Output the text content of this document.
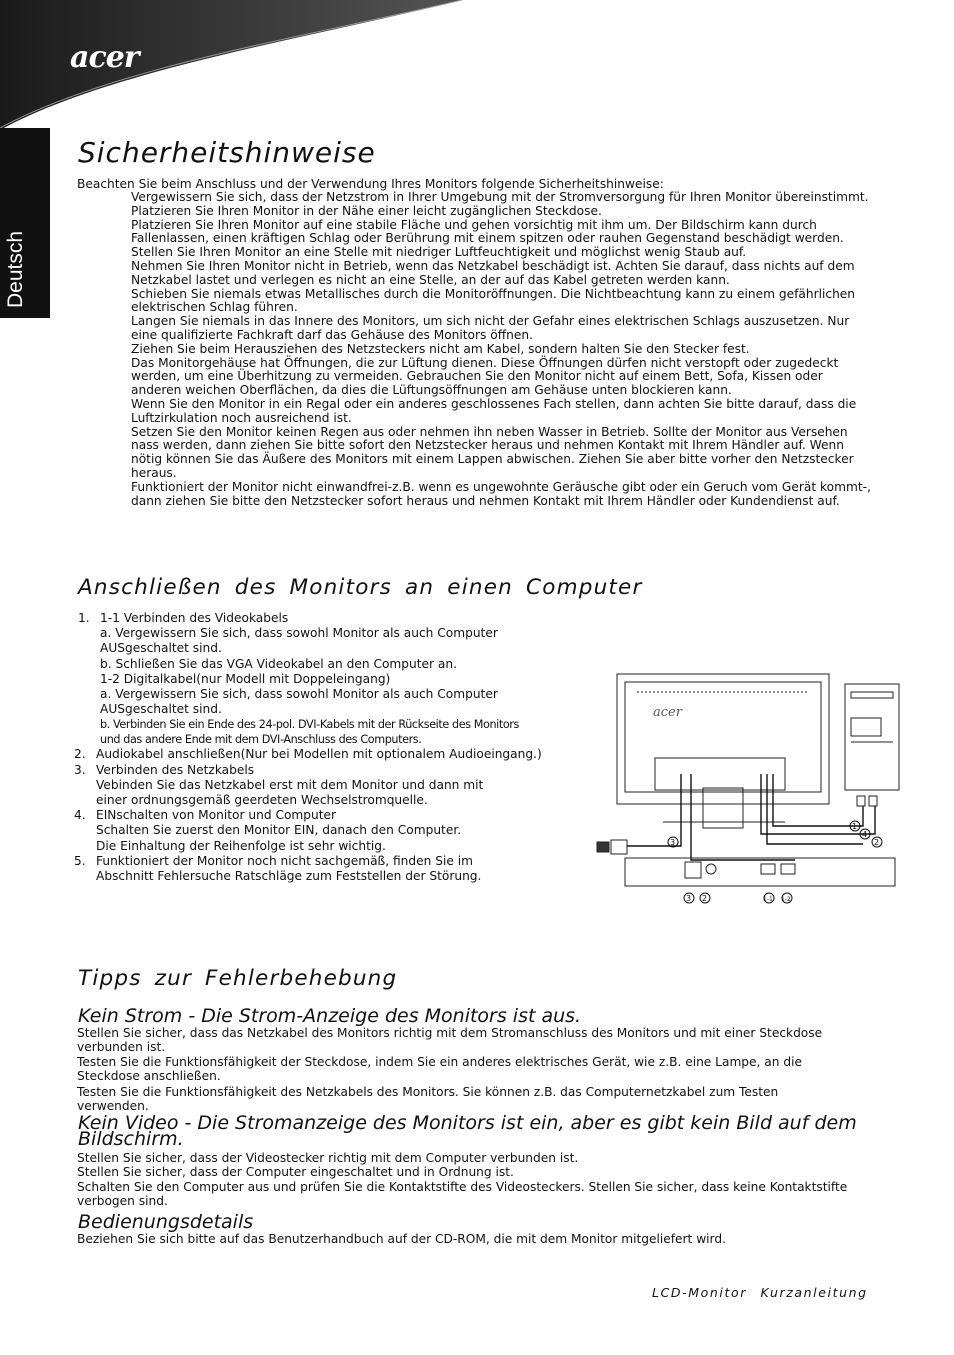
acer
Deutsch
Sicherheitshinweise

Beachten Sie beim Anschluss und der Verwendung Ihres Monitors folgende Sicherheitshinweise:

Vergewissern Sie sich, dass der Netzstrom in Ihrer Umgebung mit der Stromversorgung für Ihren Monitor übereinstimmt.
Platzieren Sie Ihren Monitor in der Nähe einer leicht zugänglichen Steckdose.
Platzieren Sie Ihren Monitor auf eine stabile Fläche und gehen vorsichtig mit ihm um. Der Bildschirm kann durch Fallenlassen, einen kräftigen Schlag oder Berührung mit einem spitzen oder rauhen Gegenstand beschädigt werden.
Stellen Sie Ihren Monitor an eine Stelle mit niedriger Luftfeuchtigkeit und möglichst wenig Staub auf.
Nehmen Sie Ihren Monitor nicht in Betrieb, wenn das Netzkabel beschädigt ist. Achten Sie darauf, dass nichts auf dem Netzkabel lastet und verlegen es nicht an eine Stelle, an der auf das Kabel getreten werden kann.
Schieben Sie niemals etwas Metallisches durch die Monitoröffnungen. Die Nichtbeachtung kann zu einem gefährlichen elektrischen Schlag führen.
Langen Sie niemals in das Innere des Monitors, um sich nicht der Gefahr eines elektrischen Schlags auszusetzen. Nur eine qualifizierte Fachkraft darf das Gehäuse des Monitors öffnen.
Ziehen Sie beim Herausziehen des Netzsteckers nicht am Kabel, sondern halten Sie den Stecker fest.
Das Monitorgehäuse hat Öffnungen, die zur Lüftung dienen. Diese Öffnungen dürfen nicht verstopft oder zugedeckt werden, um eine Überhitzung zu vermeiden. Gebrauchen Sie den Monitor nicht auf einem Bett, Sofa, Kissen oder anderen weichen Oberflächen, da dies die Lüftungsöffnungen am Gehäuse unten blockieren kann.
Wenn Sie den Monitor in ein Regal oder ein anderes geschlossenes Fach stellen, dann achten Sie bitte darauf, dass die Luftzirkulation noch ausreichend ist.
Setzen Sie den Monitor keinen Regen aus oder nehmen ihn neben Wasser in Betrieb. Sollte der Monitor aus Versehen nass werden, dann ziehen Sie bitte sofort den Netzstecker heraus und nehmen Kontakt mit Ihrem Händler auf. Wenn nötig können Sie das Äußere des Monitors mit einem Lappen abwischen. Ziehen Sie aber bitte vorher den Netzstecker heraus.
Funktioniert der Monitor nicht einwandfrei-z.B. wenn es ungewohnte Geräusche gibt oder ein Geruch vom Gerät kommt-, dann ziehen Sie bitte den Netzstecker sofort heraus und nehmen Kontakt mit Ihrem Händler oder Kundendienst auf.
Anschließen des Monitors an einen Computer
1. 1-1 Verbinden des Videokabels
a. Vergewissern Sie sich, dass sowohl Monitor als auch Computer AUSgeschaltet sind.
b. Schließen Sie das VGA Videokabel an den Computer an.
1-2 Digitalkabel(nur Modell mit Doppeleingang)
a. Vergewissern Sie sich, dass sowohl Monitor als auch Computer AUSgeschaltet sind.
b. Verbinden Sie ein Ende des 24-pol. DVI-Kabels mit der Rückseite des Monitors und das andere Ende mit dem DVI-Anschluss des Computers.
2. Audiokabel anschließen(Nur bei Modellen mit optionalem Audioeingang.)
3. Verbinden des Netzkabels
Vebinden Sie das Netzkabel erst mit dem Monitor und dann mit einer ordnungsgemäß geerdeten Wechselstromquelle.
4. EINschalten von Monitor und Computer
Schalten Sie zuerst den Monitor EIN, danach den Computer.
Die Einhaltung der Reihenfolge ist sehr wichtig.
5. Funktioniert der Monitor noch nicht sachgemäß, finden Sie im Abschnitt Fehlersuche Ratschläge zum Feststellen der Störung.
acer
3	2
1
4
3 2	1-1 1-2
Tipps zur Fehlerbehebung
Kein Strom - Die Strom-Anzeige des Monitors ist aus.

Stellen Sie sicher, dass das Netzkabel des Monitors richtig mit dem Stromanschluss des Monitors und mit einer Steckdose verbunden ist.

Testen Sie die Funktionsfähigkeit der Steckdose, indem Sie ein anderes elektrisches Gerät, wie z.B. eine Lampe, an die Steckdose anschließen.

Testen Sie die Funktionsfähigkeit des Netzkabels des Monitors. Sie können z.B. das Computernetzkabel zum Testen verwenden.

Kein Video - Die Stromanzeige des Monitors ist ein, aber es gibt kein Bild auf dem Bildschirm.

Stellen Sie sicher, dass der Videostecker richtig mit dem Computer verbunden ist.

Stellen Sie sicher, dass der Computer eingeschaltet und in Ordnung ist.

Schalten Sie den Computer aus und prüfen Sie die Kontaktstifte des Videosteckers. Stellen Sie sicher, dass keine Kontaktstifte verbogen sind.

Bedienungsdetails

Beziehen Sie sich bitte auf das Benutzerhandbuch auf der CD-ROM, die mit dem Monitor mitgeliefert wird.

LCD-Monitor Kurzanleitung
